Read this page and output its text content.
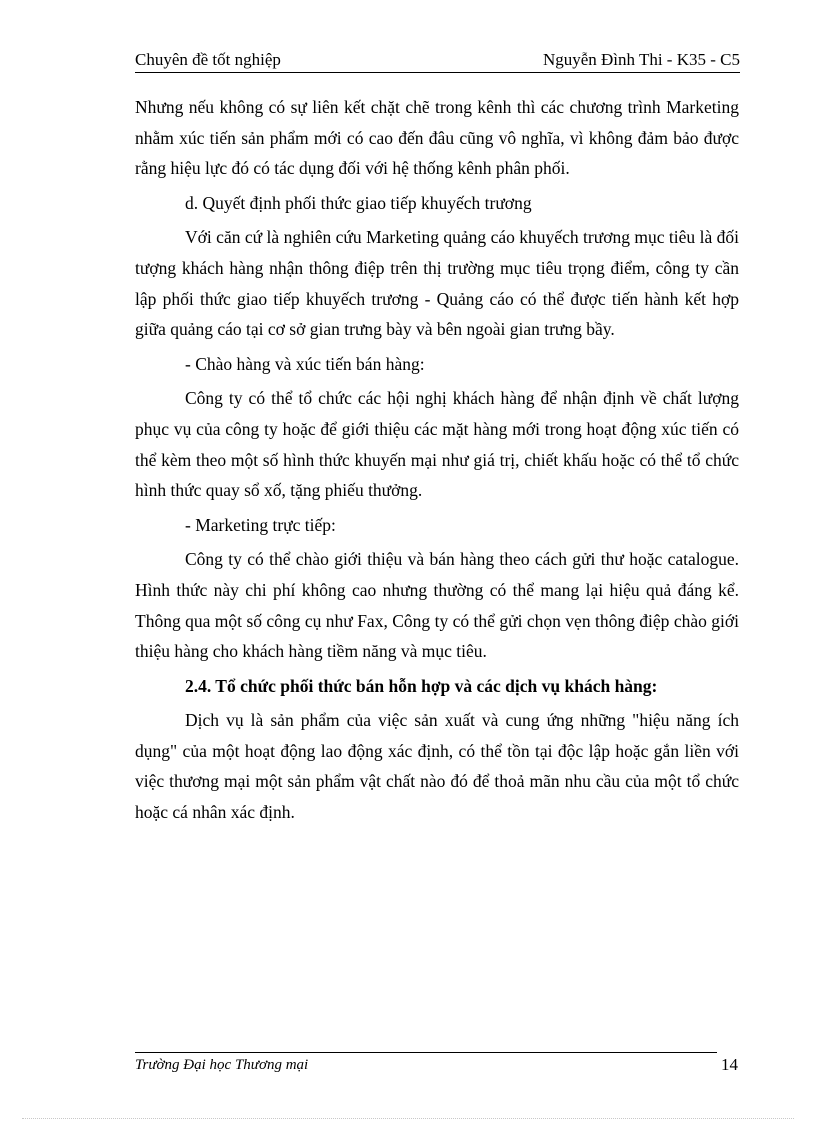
Chuyên đề tốt nghiệp	Nguyễn Đình Thi - K35 - C5

Nhưng nếu không có sự liên kết chặt chẽ trong kênh thì các chương trình Marketing nhằm xúc tiến sản phẩm mới có cao đến đâu cũng vô nghĩa, vì không đảm bảo được rằng hiệu lực đó có tác dụng đối với hệ thống kênh phân phối.

d. Quyết định phối thức giao tiếp khuyếch trương

Với căn cứ là nghiên cứu Marketing quảng cáo khuyếch trương mục tiêu là đối tượng khách hàng nhận thông điệp trên thị trường mục tiêu trọng điểm, công ty cần lập phối thức giao tiếp khuyếch trương - Quảng cáo có thể được tiến hành kết hợp giữa quảng cáo tại cơ sở gian trưng bày và bên ngoài gian trưng bầy.

- Chào hàng và xúc tiến bán hàng:

Công ty có thể tổ chức các hội nghị khách hàng để nhận định về chất lượng phục vụ của công ty hoặc để giới thiệu các mặt hàng mới trong hoạt động xúc tiến có thể kèm theo một số hình thức khuyến mại như giá trị, chiết khấu hoặc có thể tổ chức hình thức quay sổ xố, tặng phiếu thưởng.

- Marketing trực tiếp:

Công ty có thể chào giới thiệu và bán hàng theo cách gửi thư hoặc catalogue. Hình thức này chi phí không cao nhưng thường có thể mang lại hiệu quả đáng kể. Thông qua một số công cụ như Fax, Công ty có thể gửi chọn vẹn thông điệp chào giới thiệu hàng cho khách hàng tiềm năng và mục tiêu.

2.4. Tổ chức phối thức bán hỗn hợp và các dịch vụ khách hàng:

Dịch vụ là sản phẩm của việc sản xuất và cung ứng những "hiệu năng ích dụng" của một hoạt động lao động xác định, có thể tồn tại độc lập hoặc gắn liền với việc thương mại một sản phẩm vật chất nào đó để thoả mãn nhu cầu của một tổ chức hoặc cá nhân xác định.

Trường Đại học Thương mại	14
